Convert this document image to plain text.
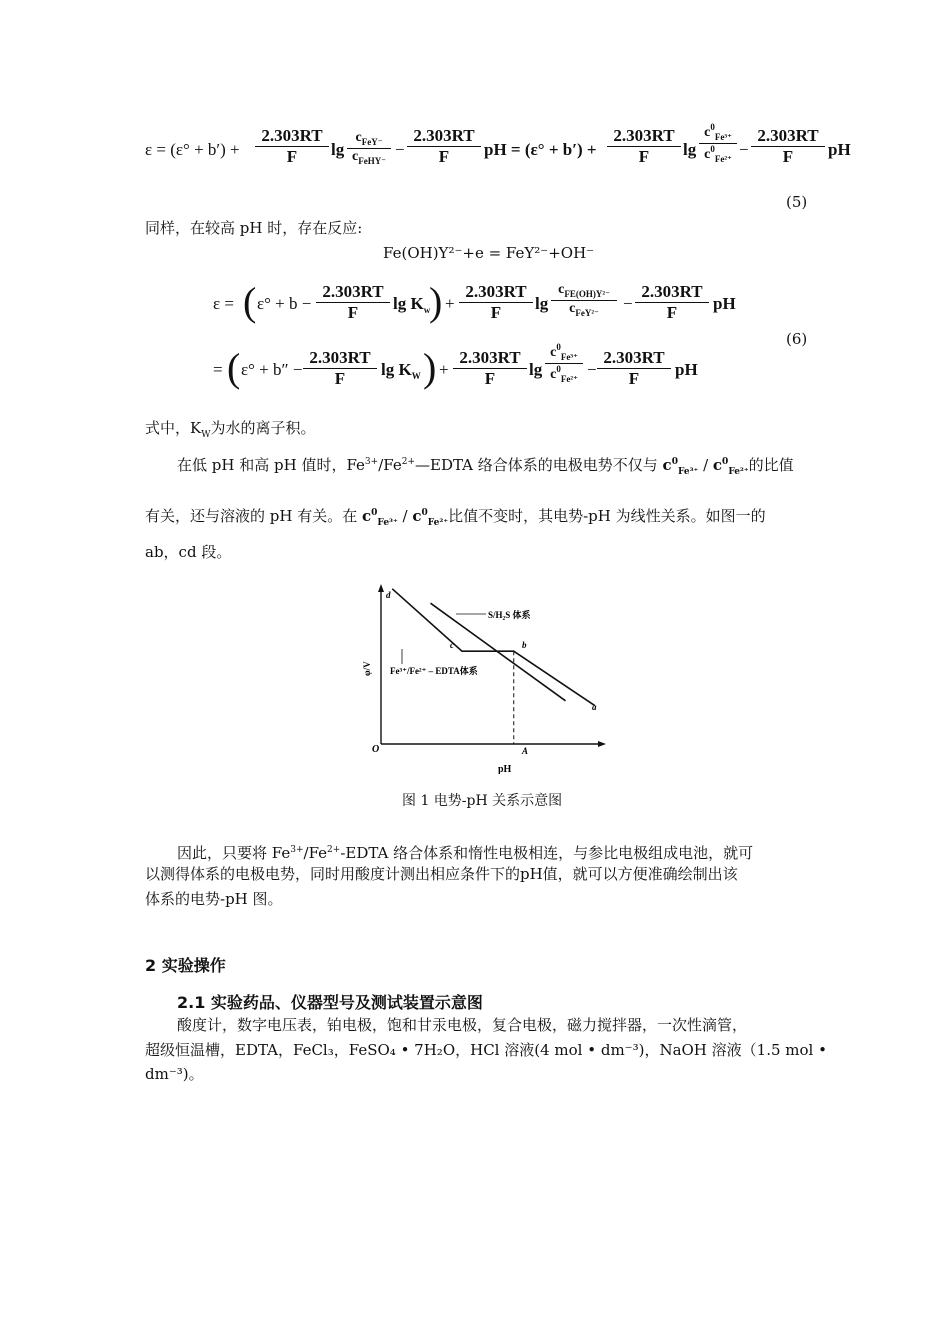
ε = (ε° + b′) +
2.303RT
F	lg
$c_{FeY^-}$
$c_{FeHY^-}$
−
2.303RT
F	pH = (ε° + b′) +
2.303RT
F	lg
$c^0_{Fe^{3+}}$
$c^0_{Fe^{2+}}$ −
2.303RT
F	pH
(5)
同样，在较高 pH 时，存在反应:
Fe(OH)Y²⁻+e = FeY²⁻+OH⁻
ε = ( ε° + b −
2.303RT
F	$\lg K_w$
) +
2.303RT
F	lg
$c_{FE(OH)Y^{2-}}$
$c_{FeY^{2-}}$	−
2.303RT
F	pH
= ( ε° + b″ −
2.303RT
F	$\lg K_W$ ) +
2.303RT
F	lg
$c^0_{Fe^{3+}}$
$c^0_{Fe^{2+}}$ −
2.303RT
F	pH
(6)
式中，$K_W$为水的离子积。
在低 pH 和高 pH 值时，$Fe^{3+}/Fe^{2+}—EDTA$ 络合体系的电极电势不仅与 $c^0_{Fe^{3+}} / c^0_{Fe^{2+}}$的比值
有关，还与溶液的 pH 有关。在 $c^0_{Fe^{3+}} / c^0_{Fe^{2+}}$比值不变时，其电势-pH 为线性关系。如图一的
ab，cd 段。
O
pH
φ/V
d
c	b
a
A
S/H₂S 体系
Fe³⁺/Fe²⁺ – EDTA体系
图 1 电势-pH 关系示意图
因此，只要将 $Fe^{3+}/Fe^{2+}$-EDTA 络合体系和惰性电极相连，与参比电极组成电池，就可
以测得体系的电极电势，同时用酸度计测出相应条件下的pH值，就可以方便准确绘制出该
体系的电势-pH 图。
2 实验操作
2.1 实验药品、仪器型号及测试装置示意图
酸度计，数字电压表，铂电极，饱和甘汞电极，复合电极，磁力搅拌器，一次性滴管，
超级恒温槽，EDTA，FeCl₃，FeSO₄ • 7H₂O，HCl 溶液(4 mol • dm⁻³)，NaOH 溶液（1.5 mol •
dm⁻³)。
